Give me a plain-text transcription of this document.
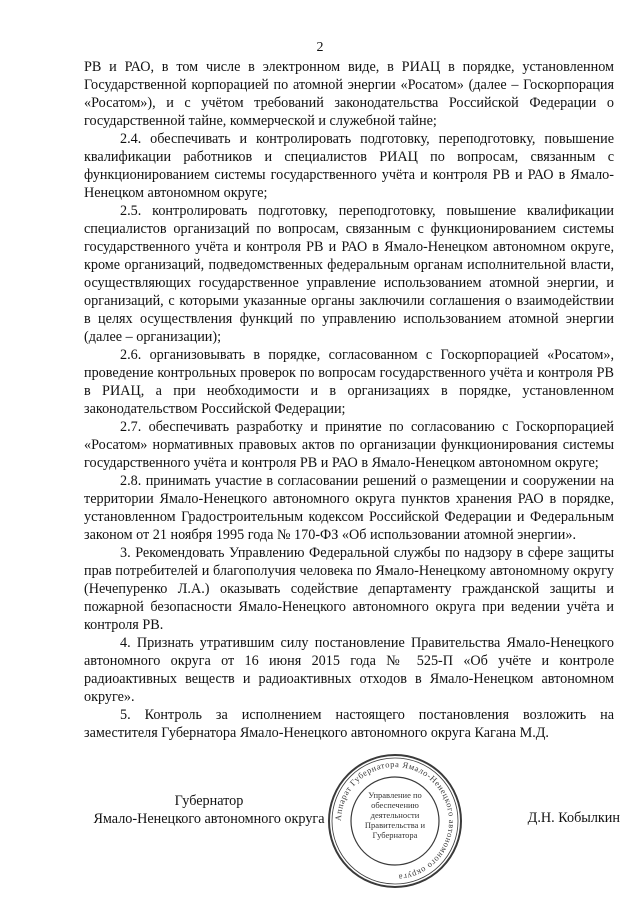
2

РВ и РАО, в том числе в электронном виде, в РИАЦ в порядке, установленном Государственной корпорацией по атомной энергии «Росатом» (далее – Госкорпорация «Росатом»), и с учётом требований законодательства Российской Федерации о государственной тайне, коммерческой и служебной тайне;

2.4. обеспечивать и контролировать подготовку, переподготовку, повышение квалификации работников и специалистов РИАЦ по вопросам, связанным с функционированием системы государственного учёта и контроля РВ и РАО в Ямало-Ненецком автономном округе;

2.5. контролировать подготовку, переподготовку, повышение квалификации специалистов организаций по вопросам, связанным с функционированием системы государственного учёта и контроля РВ и РАО в Ямало-Ненецком автономном округе, кроме организаций, подведомственных федеральным органам исполнительной власти, осуществляющих государственное управление использованием атомной энергии, и организаций, с которыми указанные органы заключили соглашения о взаимодействии в целях осуществления функций по управлению использованием атомной энергии (далее – организации);

2.6. организовывать в порядке, согласованном с Госкорпорацией «Росатом», проведение контрольных проверок по вопросам государственного учёта и контроля РВ в РИАЦ, а при необходимости и в организациях в порядке, установленном законодательством Российской Федерации;

2.7. обеспечивать разработку и принятие по согласованию с Госкорпорацией «Росатом» нормативных правовых актов по организации функционирования системы государственного учёта и контроля РВ и РАО в Ямало-Ненецком автономном округе;

2.8. принимать участие в согласовании решений о размещении и сооружении на территории Ямало-Ненецкого автономного округа пунктов хранения РАО в порядке, установленном Градостроительным кодексом Российской Федерации и Федеральным законом от 21 ноября 1995 года № 170-ФЗ «Об использовании атомной энергии».

3. Рекомендовать Управлению Федеральной службы по надзору в сфере защиты прав потребителей и благополучия человека по Ямало-Ненецкому автономному округу (Нечепуренко Л.А.) оказывать содействие департаменту гражданской защиты и пожарной безопасности Ямало-Ненецкого автономного округа при ведении учёта и контроля РВ.

4. Признать утратившим силу постановление Правительства Ямало-Ненецкого автономного округа от 16 июня 2015 года № 525-П «Об учёте и контроле радиоактивных веществ и радиоактивных отходов в Ямало-Ненецком автономном округе».

5. Контроль за исполнением настоящего постановления возложить на заместителя Губернатора Ямало-Ненецкого автономного округа Кагана М.Д.

Губернатор
Ямало-Ненецкого автономного округа	Д.Н. Кобылкин
Аппарат Губернатора Ямало-Ненецкого автономного округа
Управление по обеспечению деятельности Правительства и Губернатора
